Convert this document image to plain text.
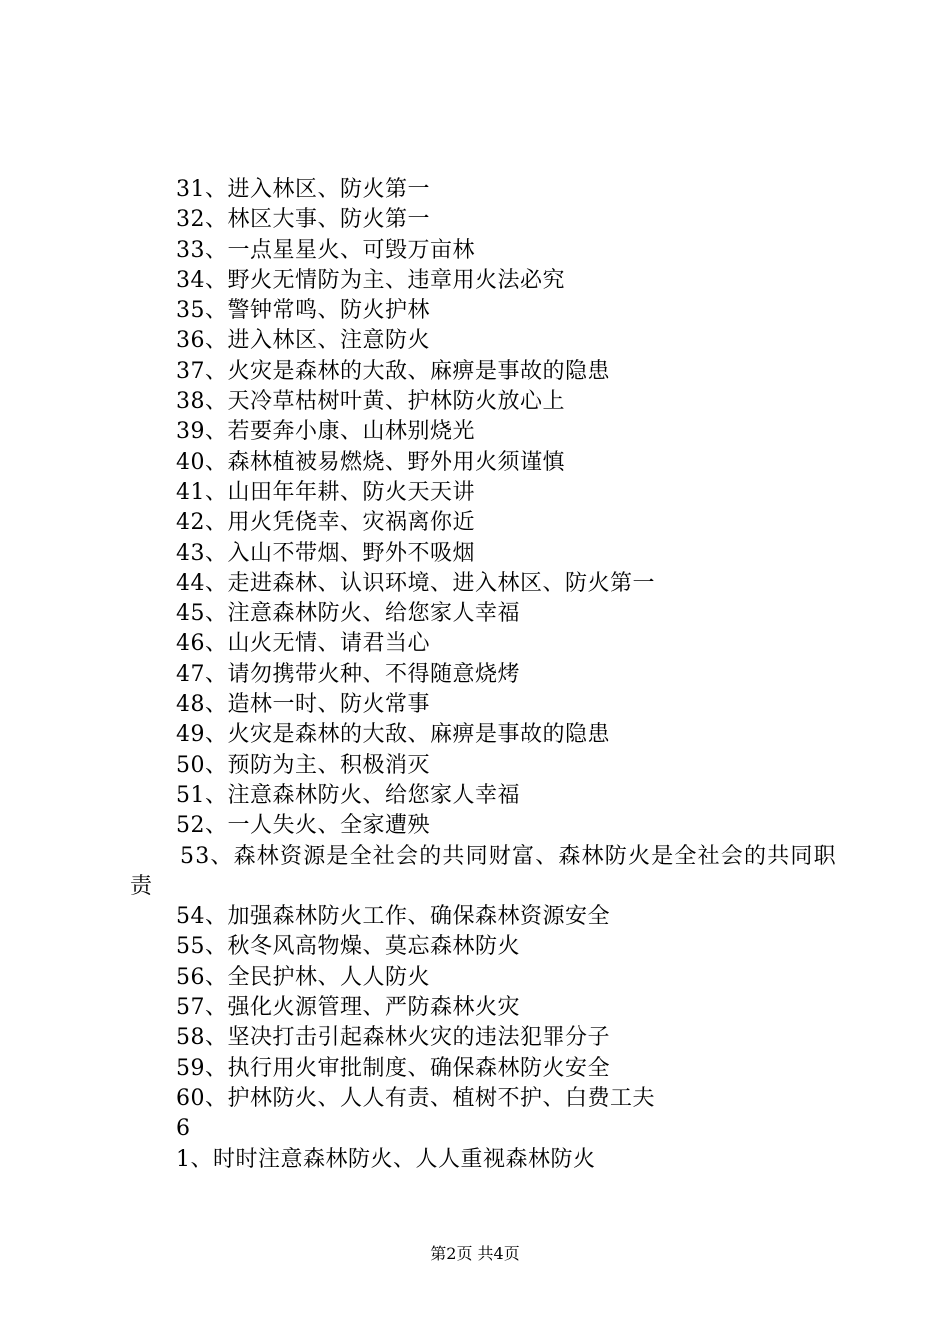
31、进入林区、防火第一
32、林区大事、防火第一
33、一点星星火、可毁万亩林
34、野火无情防为主、违章用火法必究
35、警钟常鸣、防火护林
36、进入林区、注意防火
37、火灾是森林的大敌、麻痹是事故的隐患
38、天冷草枯树叶黄、护林防火放心上
39、若要奔小康、山林别烧光
40、森林植被易燃烧、野外用火须谨慎
41、山田年年耕、防火天天讲
42、用火凭侥幸、灾祸离你近
43、入山不带烟、野外不吸烟
44、走进森林、认识环境、进入林区、防火第一
45、注意森林防火、给您家人幸福
46、山火无情、请君当心
47、请勿携带火种、不得随意烧烤
48、造林一时、防火常事
49、火灾是森林的大敌、麻痹是事故的隐患
50、预防为主、积极消灭
51、注意森林防火、给您家人幸福
52、一人失火、全家遭殃
53、森林资源是全社会的共同财富、森林防火是全社会的共同职责
54、加强森林防火工作、确保森林资源安全
55、秋冬风高物燥、莫忘森林防火
56、全民护林、人人防火
57、强化火源管理、严防森林火灾
58、坚决打击引起森林火灾的违法犯罪分子
59、执行用火审批制度、确保森林防火安全
60、护林防火、人人有责、植树不护、白费工夫
6
1、时时注意森林防火、人人重视森林防火
第2页 共4页
